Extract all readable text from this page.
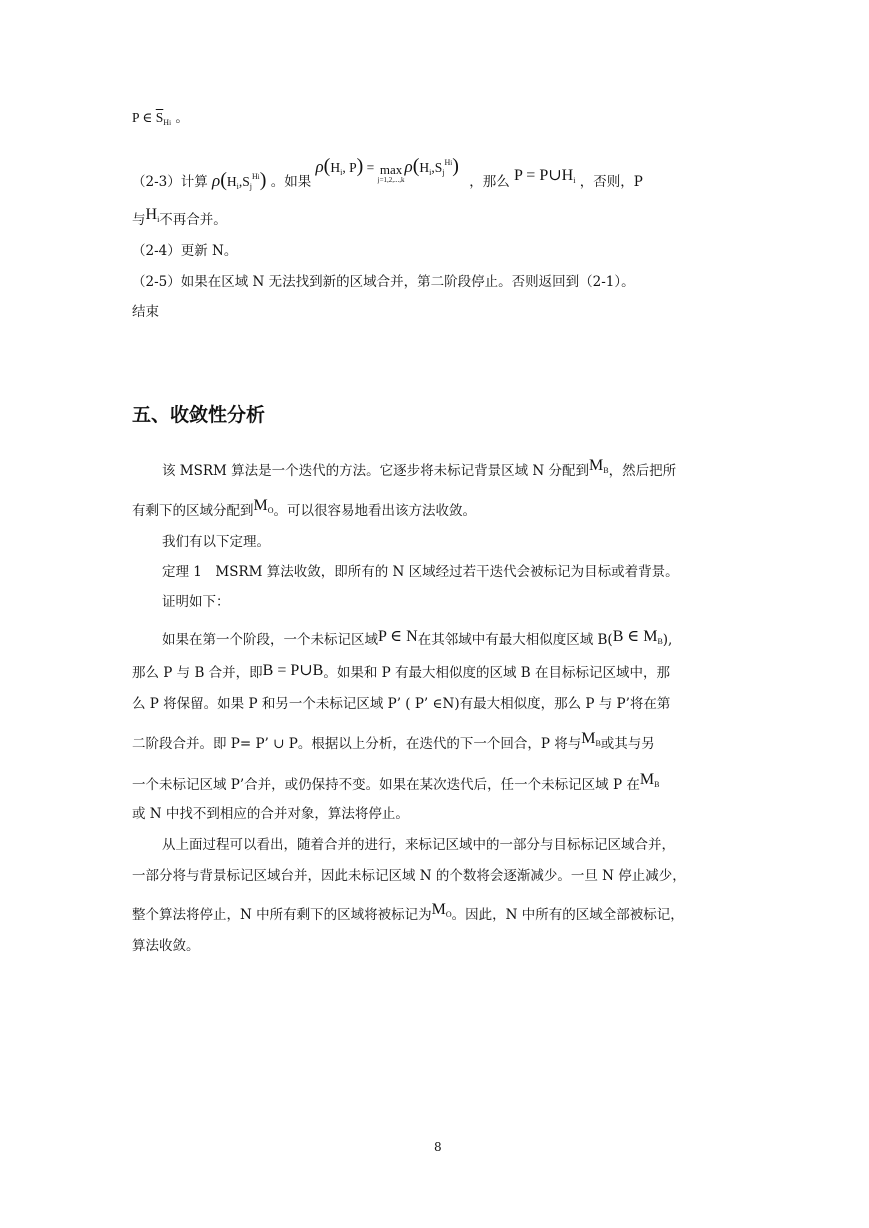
P ∈ $\overline{S}_{Hi}$ 。
（2-3）计算 $\rho(H_i,S_j^{Hi})$ 。如果 $\rho(H_i$, P) = max
j=1,2,...,k
$\rho(H_i,S_j^{Hi})$ ，那么 $P = P\cup H_i$ ，否则，P
与$H_i$不再合并。
（2-4）更新 N。
（2-5）如果在区域 N 无法找到新的区域合并，第二阶段停止。否则返回到（2-1）。
结束
五、收敛性分析
该 MSRM 算法是一个迭代的方法。它逐步将未标记背景区域 N 分配到$M_B$，然后把所
有剩下的区域分配到$M_O$。可以很容易地看出该方法收敛。
我们有以下定理。
定理 1　MSRM 算法收敛，即所有的 N 区域经过若干迭代会被标记为目标或着背景。
证明如下：
如果在第一个阶段，一个未标记区域P ∈ N在其邻域中有最大相似度区域 B(B ∈ $M_B$),
那么 P 与 B 合并，即B = P∪B。如果和 P 有最大相似度的区域 B 在目标标记区域中，那
么 P 将保留。如果 P 和另一个未标记区域 P’ ( P’ ∈N)有最大相似度，那么 P 与 P’将在第
二阶段合并。即 P= P’ ∪ P。根据以上分析，在迭代的下一个回合，P 将与$M_B$或其与另
一个未标记区域 P’合并，或仍保持不变。如果在某次迭代后，任一个未标记区域 P 在$M_B$
或 N 中找不到相应的合并对象，算法将停止。
从上面过程可以看出，随着合并的进行，来标记区域中的一部分与目标标记区域合并，
一部分将与背景标记区域台并，因此未标记区域 N 的个数将会逐渐减少。一旦 N 停止减少，
整个算法将停止，N 中所有剩下的区域将被标记为$M_O$。因此，N 中所有的区域全部被标记，
算法收敛。
8
